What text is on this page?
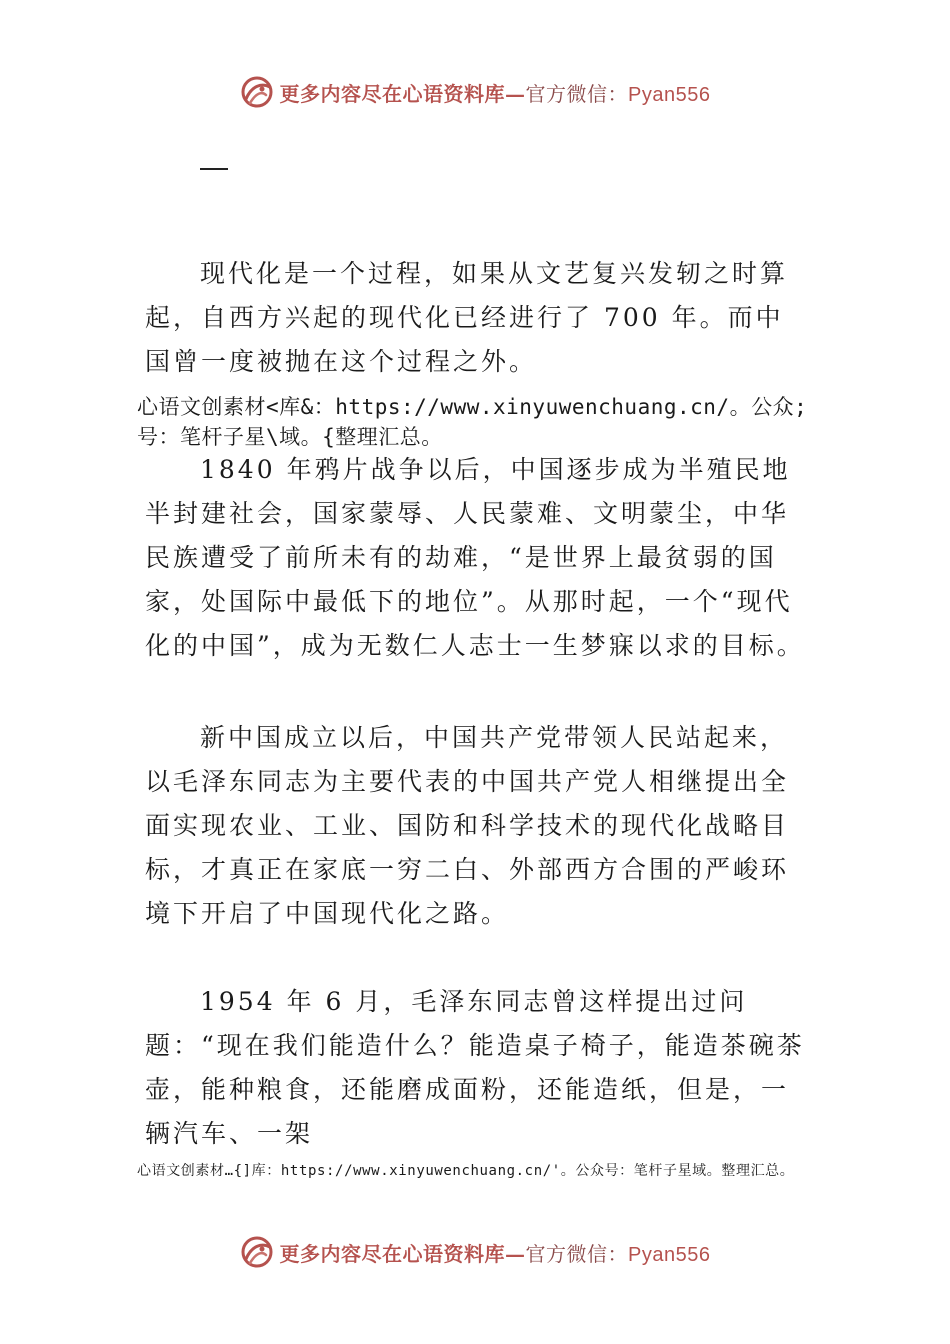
更多内容尽在心语资料库—官方微信：Pyan556

现代化是一个过程，如果从文艺复兴发轫之时算起，自西方兴起的现代化已经进行了 700 年。而中国曾一度被抛在这个过程之外。

心语文创素材<库&：https://www.xinyuwenchuang.cn/。公众;号：笔杆子星\域。{整理汇总。

1840 年鸦片战争以后，中国逐步成为半殖民地半封建社会，国家蒙辱、人民蒙难、文明蒙尘，中华民族遭受了前所未有的劫难，“是世界上最贫弱的国家，处国际中最低下的地位”。从那时起，一个“现代化的中国”，成为无数仁人志士一生梦寐以求的目标。

新中国成立以后，中国共产党带领人民站起来，以毛泽东同志为主要代表的中国共产党人相继提出全面实现农业、工业、国防和科学技术的现代化战略目标，才真正在家底一穷二白、外部西方合围的严峻环境下开启了中国现代化之路。

1954 年 6 月，毛泽东同志曾这样提出过问题：“现在我们能造什么？能造桌子椅子，能造茶碗茶壶，能种粮食，还能磨成面粉，还能造纸，但是，一辆汽车、一架

心语文创素材…{]库：https://www.xinyuwenchuang.cn/'。公众号：笔杆子星域。整理汇总。

更多内容尽在心语资料库—官方微信：Pyan556
